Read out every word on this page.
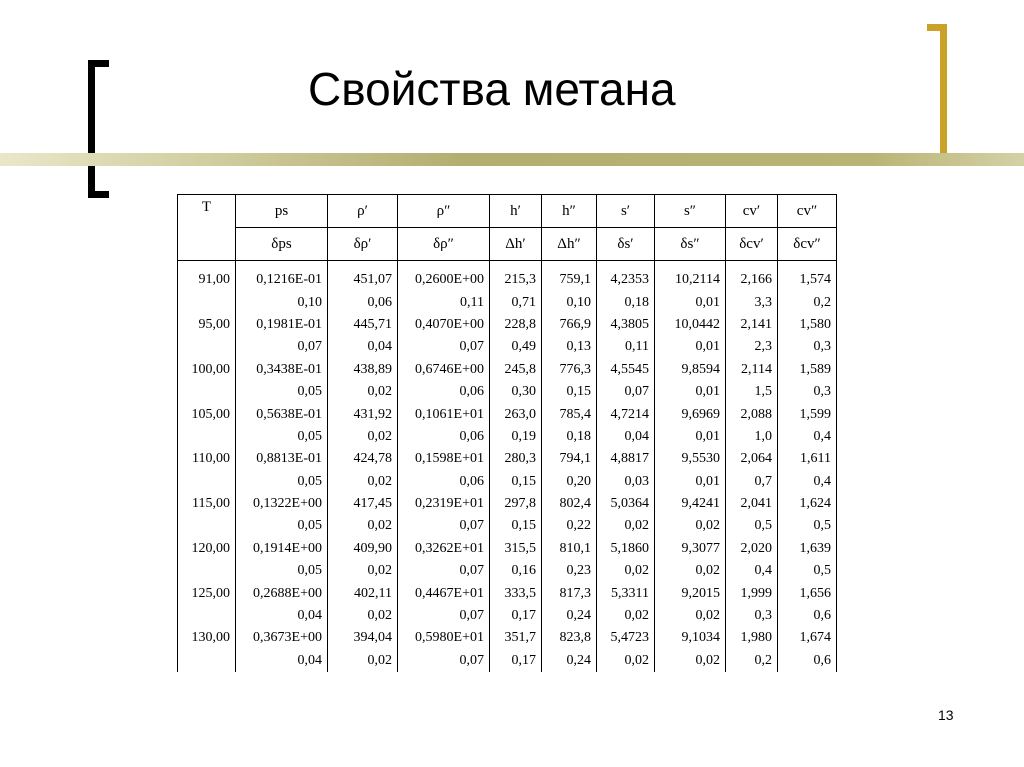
Свойства метана
T	ps	ρ′	ρ″	h′	h″	s′	s″	cv′	cv″
	δps	δρ′	δρ″	Δh′	Δh″	δs′	δs″	δcv′	δcv″
91,00	0,1216E-01	451,07	0,2600E+00	215,3	759,1	4,2353	10,2114	2,166	1,574
	0,10	0,06	0,11	0,71	0,10	0,18	0,01	3,3	0,2
95,00	0,1981E-01	445,71	0,4070E+00	228,8	766,9	4,3805	10,0442	2,141	1,580
	0,07	0,04	0,07	0,49	0,13	0,11	0,01	2,3	0,3
100,00	0,3438E-01	438,89	0,6746E+00	245,8	776,3	4,5545	9,8594	2,114	1,589
	0,05	0,02	0,06	0,30	0,15	0,07	0,01	1,5	0,3
105,00	0,5638E-01	431,92	0,1061E+01	263,0	785,4	4,7214	9,6969	2,088	1,599
	0,05	0,02	0,06	0,19	0,18	0,04	0,01	1,0	0,4
110,00	0,8813E-01	424,78	0,1598E+01	280,3	794,1	4,8817	9,5530	2,064	1,611
	0,05	0,02	0,06	0,15	0,20	0,03	0,01	0,7	0,4
115,00	0,1322E+00	417,45	0,2319E+01	297,8	802,4	5,0364	9,4241	2,041	1,624
	0,05	0,02	0,07	0,15	0,22	0,02	0,02	0,5	0,5
120,00	0,1914E+00	409,90	0,3262E+01	315,5	810,1	5,1860	9,3077	2,020	1,639
	0,05	0,02	0,07	0,16	0,23	0,02	0,02	0,4	0,5
125,00	0,2688E+00	402,11	0,4467E+01	333,5	817,3	5,3311	9,2015	1,999	1,656
	0,04	0,02	0,07	0,17	0,24	0,02	0,02	0,3	0,6
130,00	0,3673E+00	394,04	0,5980E+01	351,7	823,8	5,4723	9,1034	1,980	1,674
	0,04	0,02	0,07	0,17	0,24	0,02	0,02	0,2	0,6
13
